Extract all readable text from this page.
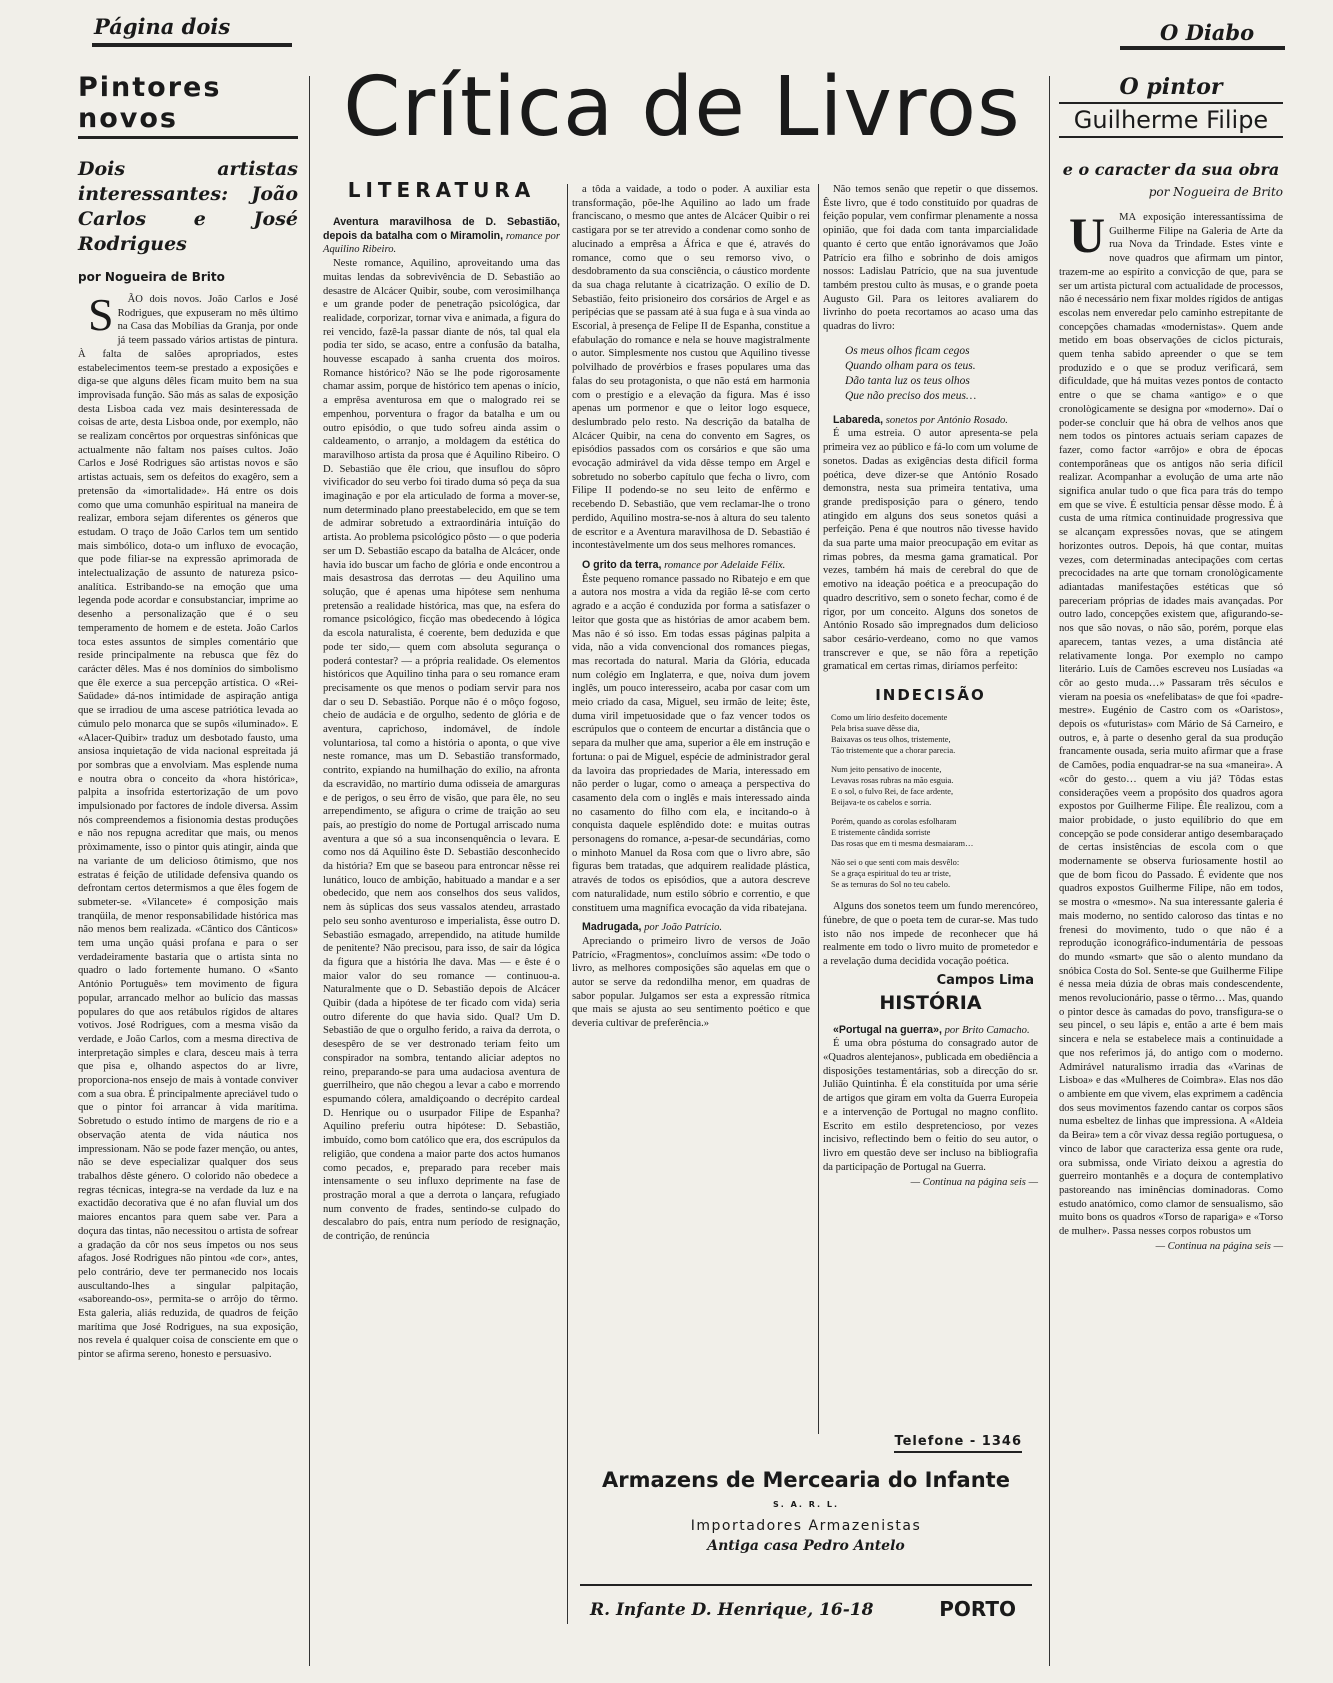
Página dois	O Diabo
Pintores novos
Dois artistas interessantes: João Carlos e José Rodrigues
por Nogueira de Brito
S ÃO dois novos. João Carlos e José Rodrigues, que expuseram no mês último na Casa das Mobílias da Granja, por onde já teem passado vários artistas de pintura. À falta de salões apropriados, estes estabelecimentos teem-se prestado a exposições e diga-se que alguns dêles ficam muito bem na sua improvisada função. São más as salas de exposição desta Lisboa cada vez mais desinteressada de coisas de arte, desta Lisboa onde, por exemplo, não se realizam concêrtos por orquestras sinfónicas que actualmente não faltam nos países cultos. João Carlos e José Rodrigues são artistas novos e são artistas actuais, sem os defeitos do exagêro, sem a pretensão da «imortalidade». Há entre os dois como que uma comunhão espiritual na maneira de realizar, embora sejam diferentes os géneros que estudam. O traço de João Carlos tem um sentido mais simbólico, dota-o um influxo de evocação, que pode filiar-se na expressão aprimorada de intelectualização de assunto de natureza psico-analítica. Estribando-se na emoção que uma legenda pode acordar e consubstanciar, imprime ao desenho a personalização que é o seu temperamento de homem e de esteta. João Carlos toca estes assuntos de simples comentário que reside principalmente na rebusca que fêz do carácter dêles. Mas é nos domínios do simbolismo que êle exerce a sua percepção artística. O «Rei-Saüdade» dá-nos intimidade de aspiração antiga que se irradiou de uma ascese patriótica levada ao cúmulo pelo monarca que se supôs «iluminado». E «Alacer-Quibir» traduz um desbotado fausto, uma ansiosa inquietação de vida nacional espreitada já por sombras que a envolviam. Mas esplende numa e noutra obra o conceito da «hora histórica», palpita a insofrida estertorização de um povo impulsionado por factores de índole diversa. Assim nós compreendemos a fisionomia destas produções e não nos repugna acreditar que mais, ou menos pròximamente, isso o pintor quis atingir, ainda que na variante de um delicioso ôtimismo, que nos estratas é feição de utilidade defensiva quando os defrontam certos determismos a que êles fogem de submeter-se. «Vilancete» é composição mais tranqüila, de menor responsabilidade histórica mas não menos bem realizada. «Cântico dos Cânticos» tem uma unção quási profana e para o ser verdadeiramente bastaria que o artista sinta no quadro o lado fortemente humano. O «Santo António Português» tem movimento de figura popular, arrancado melhor ao bulício das massas populares do que aos retábulos rígidos de altares votivos. José Rodrigues, com a mesma visão da verdade, e João Carlos, com a mesma directiva de interpretação simples e clara, desceu mais à terra que pisa e, olhando aspectos do ar livre, proporciona-nos ensejo de mais à vontade conviver com a sua obra. É principalmente apreciável tudo o que o pintor foi arrancar à vida marítima. Sobretudo o estudo íntimo de margens de rio e a observação atenta de vida náutica nos impressionam. Não se pode fazer menção, ou antes, não se deve especializar qualquer dos seus trabalhos dêste género. O colorido não obedece a regras técnicas, integra-se na verdade da luz e na exactidão decorativa que é no afan fluvial um dos maiores encantos para quem sabe ver. Para a doçura das tintas, não necessitou o artista de sofrear a gradação da côr nos seus ímpetos ou nos seus afagos. José Rodrigues não pintou «de cor», antes, pelo contrário, deve ter permanecido nos locais auscultando-lhes a singular palpitação, «saboreando-os», permita-se o arrôjo do têrmo. Esta galeria, aliás reduzida, de quadros de feição marítima que José Rodrigues, na sua exposição, nos revela é qualquer coisa de consciente em que o pintor se afirma sereno, honesto e persuasivo.
Crítica de Livros
LITERATURA
Aventura maravilhosa de D. Sebastião, depois da batalha com o Miramolin, romance por Aquilino Ribeiro.
Neste romance, Aquilino, aproveitando uma das muitas lendas da sobrevivência de D. Sebastião ao desastre de Alcácer Quibir, soube, com verosimilhança e um grande poder de penetração psicológica, dar realidade, corporizar, tornar viva e animada, a figura do rei vencido, fazê-la passar diante de nós, tal qual ela podia ter sido, se acaso, entre a confusão da batalha, houvesse escapado à sanha cruenta dos moiros. Romance histórico? Não se lhe pode rigorosamente chamar assim, porque de histórico tem apenas o início, a emprêsa aventurosa em que o malogrado rei se empenhou, porventura o fragor da batalha e um ou outro episódio, o que tudo sofreu ainda assim o caldeamento, o arranjo, a moldagem da estética do maravilhoso artista da prosa que é Aquilino Ribeiro. O D. Sebastião que êle criou, que insuflou do sôpro vivificador do seu verbo foi tirado duma só peça da sua imaginação e por ela articulado de forma a mover-se, num determinado plano preestabelecido, em que se tem de admirar sobretudo a extraordinária intuïção do artista. Ao problema psicológico pôsto — o que poderia ser um D. Sebastião escapo da batalha de Alcácer, onde havia ido buscar um facho de glória e onde encontrou a mais desastrosa das derrotas — deu Aquilino uma solução, que é apenas uma hipótese sem nenhuma pretensão a realidade histórica, mas que, na esfera do romance psicológico, ficção mas obedecendo à lógica da escola naturalista, é coerente, bem deduzida e que pode ter sido,— quem com absoluta segurança o poderá contestar? — a própria realidade. Os elementos históricos que Aquilino tinha para o seu romance eram precisamente os que menos o podiam servir para nos dar o seu D. Sebastião. Porque não é o môço fogoso, cheio de audácia e de orgulho, sedento de glória e de aventura, caprichoso, indomável, de índole voluntariosa, tal como a história o aponta, o que vive neste romance, mas um D. Sebastião transformado, contrito, expiando na humilhação do exílio, na afronta da escravidão, no martírio duma odisseia de amarguras e de perigos, o seu êrro de visão, que para êle, no seu arrependimento, se afigura o crime de traição ao seu país, ao prestígio do nome de Portugal arriscado numa aventura a que só a sua inconsenquência o levara. E como nos dá Aquilino êste D. Sebastião desconhecido da história? Em que se baseou para entroncar nêsse rei lunático, louco de ambição, habituado a mandar e a ser obedecido, que nem aos conselhos dos seus validos, nem às súplicas dos seus vassalos atendeu, arrastado pelo seu sonho aventuroso e imperialista, êsse outro D. Sebastião esmagado, arrependido, na atitude humilde de penitente? Não precisou, para isso, de sair da lógica da figura que a história lhe dava. Mas — e êste é o maior valor do seu romance — continuou-a. Naturalmente que o D. Sebastião depois de Alcácer Quibir (dada a hipótese de ter ficado com vida) seria outro diferente do que havia sido. Qual? Um D. Sebastião de que o orgulho ferido, a raiva da derrota, o desespêro de se ver destronado teriam feito um conspirador na sombra, tentando aliciar adeptos no reino, preparando-se para uma audaciosa aventura de guerrilheiro, que não chegou a levar a cabo e morrendo espumando cólera, amaldiçoando o decrépito cardeal D. Henrique ou o usurpador Filipe de Espanha? Aquilino preferiu outra hipótese: D. Sebastião, imbuído, como bom católico que era, dos escrúpulos da religião, que condena a maior parte dos actos humanos como pecados, e, preparado para receber mais intensamente o seu influxo deprimente na fase de prostração moral a que a derrota o lançara, refugiado num convento de frades, sentindo-se culpado do descalabro do país, entra num período de resignação, de contrição, de renúncia
a tôda a vaidade, a todo o poder. A auxiliar esta transformação, põe-lhe Aquilino ao lado um frade franciscano, o mesmo que antes de Alcácer Quibir o rei castigara por se ter atrevido a condenar como sonho de alucinado a emprêsa a África e que é, através do romance, como que o seu remorso vivo, o desdobramento da sua consciência, o cáustico mordente da sua chaga relutante à cicatrização. O exílio de D. Sebastião, feito prisioneiro dos corsários de Argel e as peripécias que se passam até à sua fuga e à sua vinda ao Escorial, à presença de Felipe II de Espanha, constitue a efabulação do romance e nela se houve magistralmente o autor. Simplesmente nos custou que Aquilino tivesse polvilhado de provérbios e frases populares uma das falas do seu protagonista, o que não está em harmonia com o prestígio e a elevação da figura. Mas é isso apenas um pormenor e que o leitor logo esquece, deslumbrado pelo resto. Na descrição da batalha de Alcácer Quibir, na cena do convento em Sagres, os episódios passados com os corsários e que são uma evocação admirável da vida dêsse tempo em Argel e sobretudo no soberbo capítulo que fecha o livro, com Filipe II podendo-se no seu leito de enfêrmo e recebendo D. Sebastião, que vem reclamar-lhe o trono perdido, Aquilino mostra-se-nos à altura do seu talento de escritor e a Aventura maravilhosa de D. Sebastião é incontestàvelmente um dos seus melhores romances.
O grito da terra, romance por Adelaide Félix.
Êste pequeno romance passado no Ribatejo e em que a autora nos mostra a vida da região lê-se com certo agrado e a acção é conduzida por forma a satisfazer o leitor que gosta que as histórias de amor acabem bem. Mas não é só isso. Em todas essas páginas palpita a vida, não a vida convencional dos romances piegas, mas recortada do natural. Maria da Glória, educada num colégio em Inglaterra, e que, noiva dum jovem inglês, um pouco interesseiro, acaba por casar com um meio criado da casa, Miguel, seu irmão de leite; êste, duma viril impetuosidade que o faz vencer todos os escrúpulos que o conteem de encurtar a distância que o separa da mulher que ama, superior a êle em instrução e fortuna: o pai de Miguel, espécie de administrador geral da lavoira das propriedades de Maria, interessado em não perder o lugar, como o ameaça a perspectiva do casamento dela com o inglês e mais interessado ainda no casamento do filho com ela, e incitando-o à conquista daquele esplêndido dote: e muitas outras personagens do romance, a-pesar-de secundárias, como o minhoto Manuel da Rosa com que o livro abre, são figuras bem tratadas, que adquirem realidade plástica, através de todos os episódios, que a autora descreve com naturalidade, num estilo sóbrio e correntio, e que constituem uma magnífica evocação da vida ribatejana.
Madrugada, por João Patrício.
Apreciando o primeiro livro de versos de João Patrício, «Fragmentos», concluímos assim: «De todo o livro, as melhores composições são aquelas em que o autor se serve da redondilha menor, em quadras de sabor popular. Julgamos ser esta a expressão rítmica que mais se ajusta ao seu sentimento poético e que deveria cultivar de preferência.»
Não temos senão que repetir o que dissemos. Êste livro, que é todo constituído por quadras de feição popular, vem confirmar plenamente a nossa opinião, que foi dada com tanta imparcialidade quanto é certo que então ignorávamos que João Patrício era filho e sobrinho de dois amigos nossos: Ladislau Patrício, que na sua juventude também prestou culto às musas, e o grande poeta Augusto Gil. Para os leitores avaliarem do livrinho do poeta recortamos ao acaso uma das quadras do livro:
Os meus olhos ficam cegos
Quando olham para os teus.
Dão tanta luz os teus olhos
Que não preciso dos meus…
Labareda, sonetos por António Rosado.
É uma estreia. O autor apresenta-se pela primeira vez ao público e fá-lo com um volume de sonetos. Dadas as exigências desta difícil forma poética, deve dizer-se que António Rosado demonstra, nesta sua primeira tentativa, uma grande predisposição para o género, tendo atingido em alguns dos seus sonetos quási a perfeição. Pena é que noutros não tivesse havido da sua parte uma maior preocupação em evitar as rimas pobres, da mesma gama gramatical. Por vezes, também há mais de cerebral do que de emotivo na ideação poética e a preocupação do quadro descritivo, sem o soneto fechar, como é de rigor, por um conceito. Alguns dos sonetos de António Rosado são impregnados dum delicioso sabor cesário-verdeano, como no que vamos transcrever e que, se não fôra a repetição gramatical em certas rimas, diríamos perfeito:
INDECISÃO
Como um lírio desfeito docemente
Pela brisa suave dêsse dia,
Baixavas os teus olhos, tristemente,
Tão tristemente que a chorar parecia.
Num jeito pensativo de inocente,
Levavas rosas rubras na mão esguia.
E o sol, o fulvo Rei, de face ardente,
Beijava-te os cabelos e sorria.
Porém, quando as corolas esfolharam
E tristemente cândida sorriste
Das rosas que em ti mesma desmaiaram…
Não sei o que senti com mais desvêlo:
Se a graça espiritual do teu ar triste,
Se as ternuras do Sol no teu cabelo.
Alguns dos sonetos teem um fundo merencóreo, fúnebre, de que o poeta tem de curar-se. Mas tudo isto não nos impede de reconhecer que há realmente em todo o livro muito de prometedor e a revelação duma decidida vocação poética.
Campos Lima
HISTÓRIA
«Portugal na guerra», por Brito Camacho.
É uma obra póstuma do consagrado autor de «Quadros alentejanos», publicada em obediência a disposições testamentárias, sob a direcção do sr. Julião Quintinha. É ela constituída por uma série de artigos que giram em volta da Guerra Europeia e a intervenção de Portugal no magno conflito. Escrito em estilo despretencioso, por vezes incisivo, reflectindo bem o feitio do seu autor, o livro em questão deve ser incluso na bibliografia da participação de Portugal na Guerra.
— Continua na página seis —
Telefone - 1346
Armazens de Mercearia do Infante
S. A. R. L.
Importadores Armazenistas
Antiga casa Pedro Antelo
R. Infante D. Henrique, 16-18	PORTO
O pintor
Guilherme Filipe
e o caracter da sua obra
por Nogueira de Brito
U MA exposição interessantíssima de Guilherme Filipe na Galeria de Arte da rua Nova da Trindade. Estes vinte e nove quadros que afirmam um pintor, trazem-me ao espírito a convicção de que, para se ser um artista pictural com actualidade de processos, não é necessário nem fixar moldes rígidos de antigas escolas nem enveredar pelo caminho estrepitante de concepções chamadas «modernistas». Quem ande metido em boas observações de ciclos picturais, quem tenha sabido apreender o que se tem produzido e o que se produz verificará, sem dificuldade, que há muitas vezes pontos de contacto entre o que se chama «antigo» e o que cronològicamente se designa por «moderno». Daí o poder-se concluir que há obra de velhos anos que nem todos os pintores actuais seriam capazes de fazer, como factor «arrôjo» e obra de épocas contemporâneas que os antigos não seria difícil realizar. Acompanhar a evolução de uma arte não significa anular tudo o que fica para trás do tempo em que se vive. É estultícia pensar dêsse modo. É à custa de uma rítmica continuidade progressiva que se alcançam expressões novas, que se atingem horizontes outros. Depois, há que contar, muitas vezes, com determinadas antecipações com certas precocidades na arte que tornam cronològicamente adiantadas manifestações estéticas que só pareceriam próprias de idades mais avançadas. Por outro lado, concepções existem que, afigurando-se-nos que são novas, o não são, porém, porque elas aparecem, tantas vezes, a uma distância até relativamente longa. Por exemplo no campo literário. Luís de Camões escreveu nos Lusíadas «a côr ao gesto muda…» Passaram três séculos e vieram na poesia os «nefelibatas» de que foi «padre-mestre». Eugénio de Castro com os «Oaristos», depois os «futuristas» com Mário de Sá Carneiro, e outros, e, à parte o desenho geral da sua produção francamente ousada, seria muito afirmar que a frase de Camões, podia enquadrar-se na sua «maneira». A «côr do gesto… quem a viu já? Tôdas estas considerações veem a propósito dos quadros agora expostos por Guilherme Filipe. Êle realizou, com a maior probidade, o justo equilíbrio do que em concepção se pode considerar antigo desembaraçado de certas insistências de escola com o que modernamente se observa furiosamente hostil ao que de bom ficou do Passado. É evidente que nos quadros expostos Guilherme Filipe, não em todos, se mostra o «mesmo». Na sua interessante galeria é mais moderno, no sentido caloroso das tintas e no frenesi do movimento, tudo o que não é a reprodução iconográfico-indumentária de pessoas do mundo «smart» que são o alento mundano da snóbica Costa do Sol. Sente-se que Guilherme Filipe é nessa meia dúzia de obras mais condescendente, menos revolucionário, passe o têrmo… Mas, quando o pintor desce às camadas do povo, transfigura-se o seu pincel, o seu lápis e, então a arte é bem mais sincera e nela se estabelece mais a continuidade a que nos referimos já, do antigo com o moderno. Admirável naturalismo irradia das «Varinas de Lisboa» e das «Mulheres de Coimbra». Elas nos dão o ambiente em que vivem, elas exprimem a cadência dos seus movimentos fazendo cantar os corpos sãos numa esbeltez de linhas que impressiona. A «Aldeia da Beira» tem a côr vivaz dessa região portuguesa, o vinco de labor que caracteriza essa gente ora rude, ora submissa, onde Viriato deixou a agrestia do guerreiro montanhês e a doçura de contemplativo pastoreando nas iminências dominadoras. Como estudo anatómico, como clamor de sensualismo, são muito bons os quadros «Torso de rapariga» e «Torso de mulher». Passa nesses corpos robustos um
— Continua na página seis —
